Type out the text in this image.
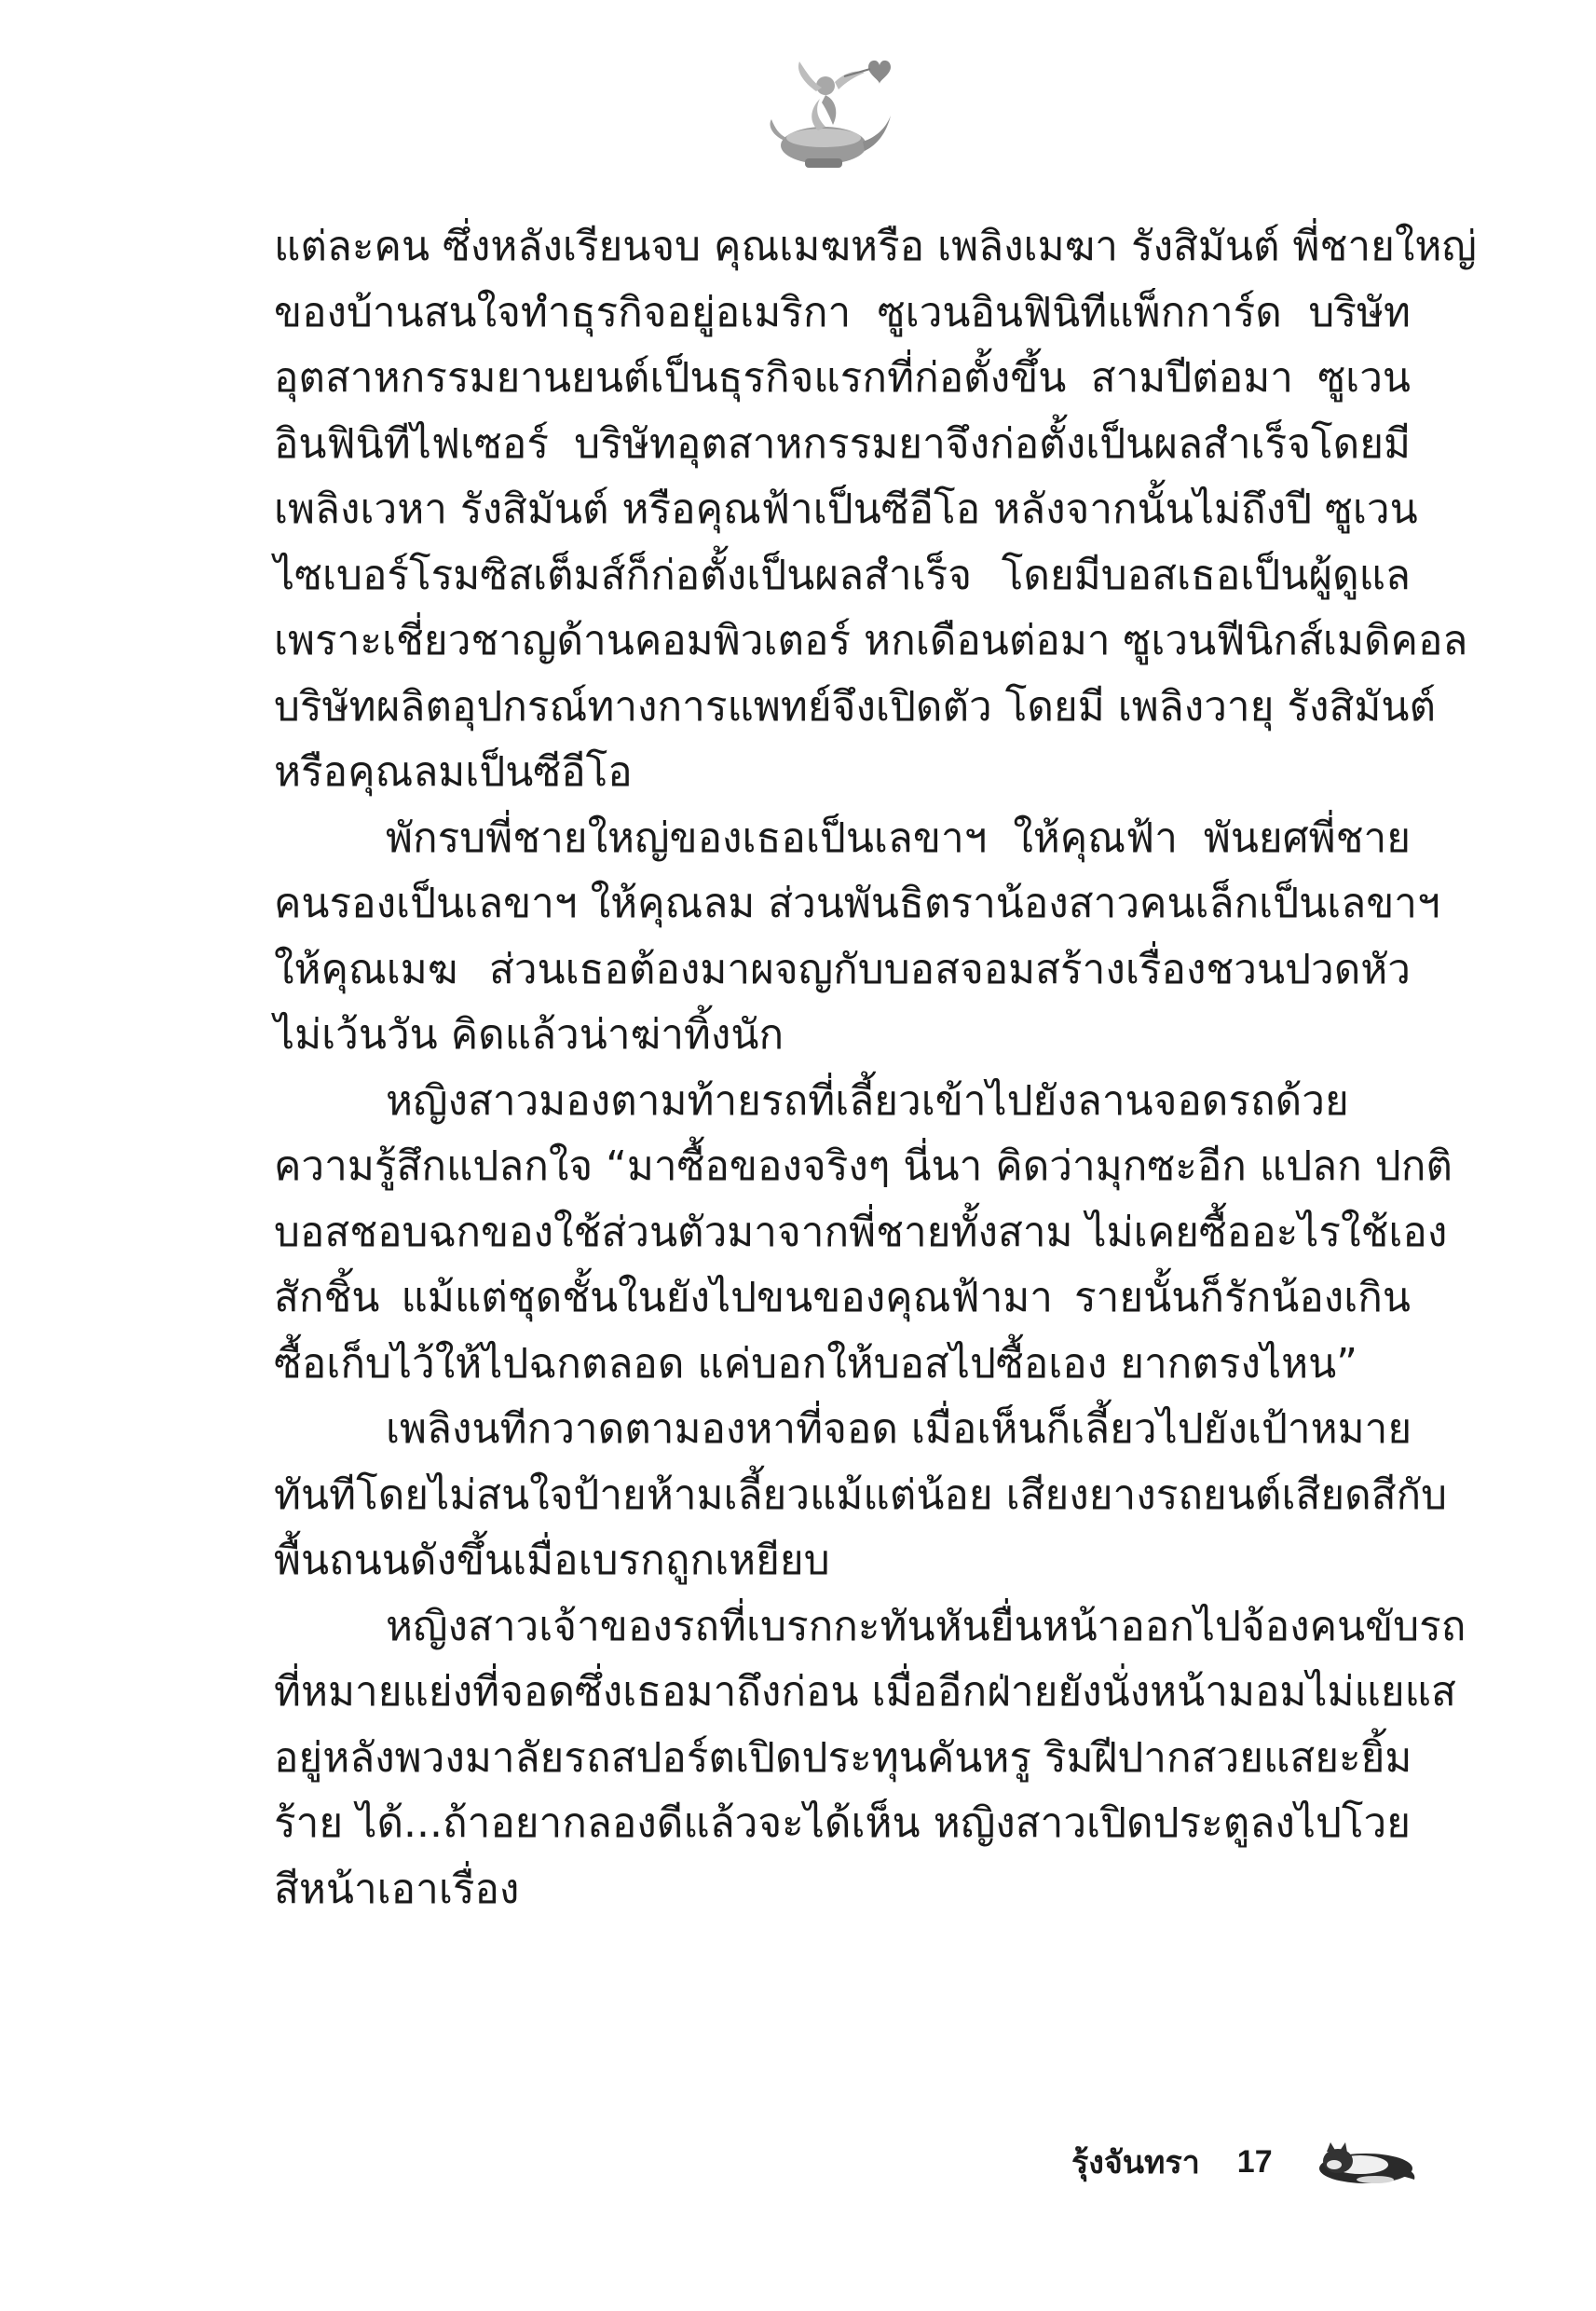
แต่ละคน ซึ่งหลังเรียนจบ คุณเมฆหรือ เพลิงเมฆา รังสิมันต์ พี่ชายใหญ่
ของบ้านสนใจทำธุรกิจอยู่อเมริกา ซูเวนอินฟินิทีแพ็กการ์ด บริษัท
อุตสาหกรรมยานยนต์เป็นธุรกิจแรกที่ก่อตั้งขึ้น สามปีต่อมา ซูเวน
อินฟินิทีไฟเซอร์ บริษัทอุตสาหกรรมยาจึงก่อตั้งเป็นผลสำเร็จโดยมี
เพลิงเวหา รังสิมันต์ หรือคุณฟ้าเป็นซีอีโอ หลังจากนั้นไม่ถึงปี ซูเวน
ไซเบอร์โรมซิสเต็มส์ก็ก่อตั้งเป็นผลสำเร็จ โดยมีบอสเธอเป็นผู้ดูแล
เพราะเชี่ยวชาญด้านคอมพิวเตอร์ หกเดือนต่อมา ซูเวนฟีนิกส์เมดิคอล
บริษัทผลิตอุปกรณ์ทางการแพทย์จึงเปิดตัว โดยมี เพลิงวายุ รังสิมันต์
หรือคุณลมเป็นซีอีโอ
พักรบพี่ชายใหญ่ของเธอเป็นเลขาฯ ให้คุณฟ้า พันยศพี่ชาย
คนรองเป็นเลขาฯ ให้คุณลม ส่วนพันธิตราน้องสาวคนเล็กเป็นเลขาฯ
ให้คุณเมฆ ส่วนเธอต้องมาผจญกับบอสจอมสร้างเรื่องชวนปวดหัว
ไม่เว้นวัน คิดแล้วน่าฆ่าทิ้งนัก
หญิงสาวมองตามท้ายรถที่เลี้ยวเข้าไปยังลานจอดรถด้วย
ความรู้สึกแปลกใจ “มาซื้อของจริงๆ นี่นา คิดว่ามุกซะอีก แปลก ปกติ
บอสชอบฉกของใช้ส่วนตัวมาจากพี่ชายทั้งสาม ไม่เคยซื้ออะไรใช้เอง
สักชิ้น แม้แต่ชุดชั้นในยังไปขนของคุณฟ้ามา รายนั้นก็รักน้องเกิน
ซื้อเก็บไว้ให้ไปฉกตลอด แค่บอกให้บอสไปซื้อเอง ยากตรงไหน”
เพลิงนทีกวาดตามองหาที่จอด เมื่อเห็นก็เลี้ยวไปยังเป้าหมาย
ทันทีโดยไม่สนใจป้ายห้ามเลี้ยวแม้แต่น้อย เสียงยางรถยนต์เสียดสีกับ
พื้นถนนดังขึ้นเมื่อเบรกถูกเหยียบ
หญิงสาวเจ้าของรถที่เบรกกะทันหันยื่นหน้าออกไปจ้องคนขับรถ
ที่หมายแย่งที่จอดซึ่งเธอมาถึงก่อน เมื่ออีกฝ่ายยังนั่งหน้ามอมไม่แยแส
อยู่หลังพวงมาลัยรถสปอร์ตเปิดประทุนคันหรู ริมฝีปากสวยแสยะยิ้ม
ร้าย ได้...ถ้าอยากลองดีแล้วจะได้เห็น หญิงสาวเปิดประตูลงไปโวย
สีหน้าเอาเรื่อง
รุ้งจันทรา 17
